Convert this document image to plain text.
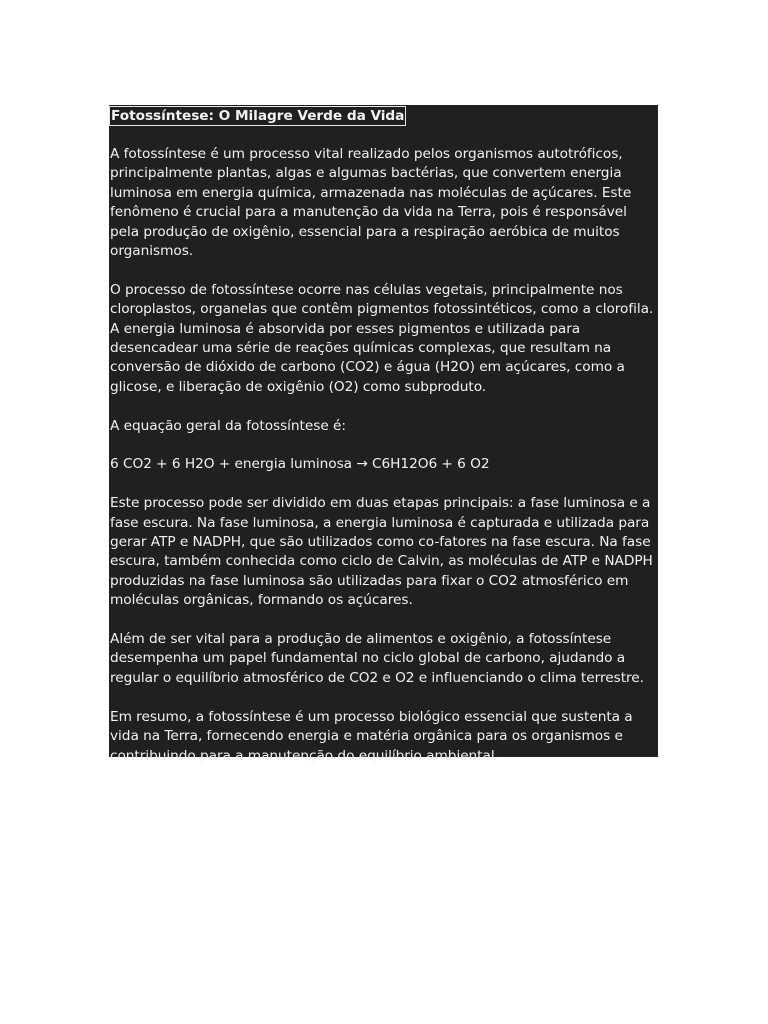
Fotossíntese: O Milagre Verde da Vida

A fotossíntese é um processo vital realizado pelos organismos autotróficos, principalmente plantas, algas e algumas bactérias, que convertem energia luminosa em energia química, armazenada nas moléculas de açúcares. Este fenômeno é crucial para a manutenção da vida na Terra, pois é responsável pela produção de oxigênio, essencial para a respiração aeróbica de muitos organismos.

O processo de fotossíntese ocorre nas células vegetais, principalmente nos cloroplastos, organelas que contêm pigmentos fotossintéticos, como a clorofila. A energia luminosa é absorvida por esses pigmentos e utilizada para desencadear uma série de reações químicas complexas, que resultam na conversão de dióxido de carbono (CO2) e água (H2O) em açúcares, como a glicose, e liberação de oxigênio (O2) como subproduto.

A equação geral da fotossíntese é:

6 CO2 + 6 H2O + energia luminosa → C6H12O6 + 6 O2

Este processo pode ser dividido em duas etapas principais: a fase luminosa e a fase escura. Na fase luminosa, a energia luminosa é capturada e utilizada para gerar ATP e NADPH, que são utilizados como co-fatores na fase escura. Na fase escura, também conhecida como ciclo de Calvin, as moléculas de ATP e NADPH produzidas na fase luminosa são utilizadas para fixar o CO2 atmosférico em moléculas orgânicas, formando os açúcares.

Além de ser vital para a produção de alimentos e oxigênio, a fotossíntese desempenha um papel fundamental no ciclo global de carbono, ajudando a regular o equilíbrio atmosférico de CO2 e O2 e influenciando o clima terrestre.

Em resumo, a fotossíntese é um processo biológico essencial que sustenta a vida na Terra, fornecendo energia e matéria orgânica para os organismos e contribuindo para a manutenção do equilíbrio ambiental.
